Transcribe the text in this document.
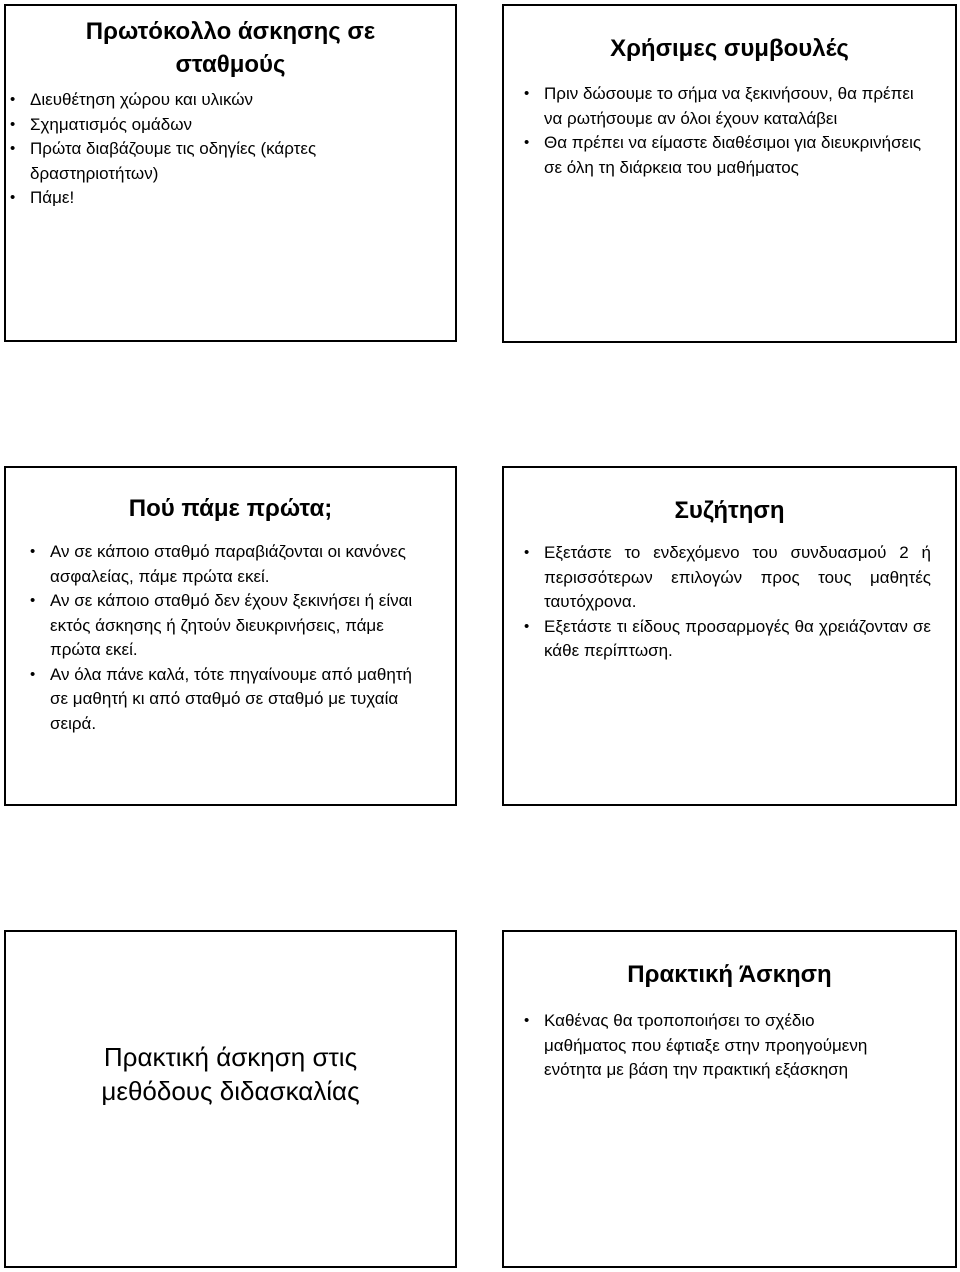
Πρωτόκολλο άσκησης σε σταθμούς
• Διευθέτηση χώρου και υλικών
• Σχηματισμός ομάδων
• Πρώτα διαβάζουμε τις οδηγίες (κάρτες δραστηριοτήτων)
• Πάμε!
Χρήσιμες συμβουλές
• Πριν δώσουμε το σήμα να ξεκινήσουν, θα πρέπει να ρωτήσουμε αν όλοι έχουν καταλάβει
• Θα πρέπει να είμαστε διαθέσιμοι για διευκρινήσεις σε όλη τη διάρκεια του μαθήματος
Πού πάμε πρώτα;
• Αν σε κάποιο σταθμό παραβιάζονται οι κανόνες ασφαλείας, πάμε πρώτα εκεί.
• Αν σε κάποιο σταθμό δεν έχουν ξεκινήσει ή είναι εκτός άσκησης ή ζητούν διευκρινήσεις, πάμε πρώτα εκεί.
• Αν όλα πάνε καλά, τότε πηγαίνουμε από μαθητή σε μαθητή κι από σταθμό σε σταθμό με τυχαία σειρά.
Συζήτηση
• Εξετάστε το ενδεχόμενο του συνδυασμού 2 ή περισσότερων επιλογών προς τους μαθητές ταυτόχρονα.
• Εξετάστε τι είδους προσαρμογές θα χρειάζονταν σε κάθε περίπτωση.
Πρακτική άσκηση στις μεθόδους διδασκαλίας
Πρακτική Άσκηση
• Καθένας θα τροποποιήσει το σχέδιο μαθήματος που έφτιαξε στην προηγούμενη ενότητα με βάση την πρακτική εξάσκηση
